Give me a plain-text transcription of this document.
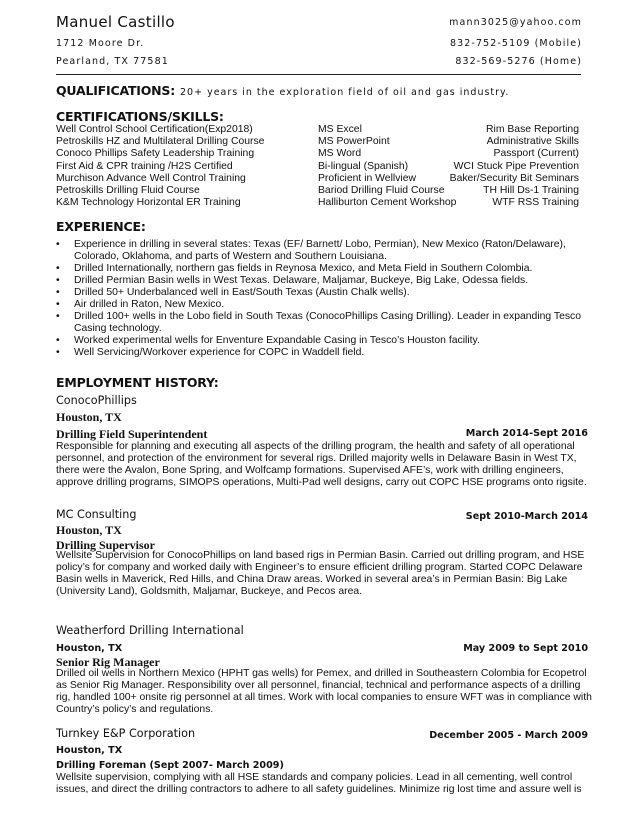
Manuel Castillo	mann3025@yahoo.com
1712 Moore Dr.	832-752-5109 (Mobile)
Pearland, TX 77581	832-569-5276 (Home)
QUALIFICATIONS: 20+ years in the exploration field of oil and gas industry.
CERTIFICATIONS/SKILLS:
Well Control School Certification(Exp2018)	MS Excel	Rim Base Reporting
Petroskills HZ and Multilateral Drilling Course	MS PowerPoint	Administrative Skills
Conoco Phillips Safety Leadership Training	MS Word	Passport (Current)
First Aid & CPR training /H2S Certified	Bi-lingual (Spanish)	WCI Stuck Pipe Prevention
Murchison Advance Well Control Training	Proficient in Wellview	Baker/Security Bit Seminars
Petroskills Drilling Fluid Course	Bariod Drilling Fluid Course	TH Hill Ds-1 Training
K&M Technology Horizontal ER Training	Halliburton Cement Workshop	WTF RSS Training
EXPERIENCE:
• Experience in drilling in several states: Texas (EF/ Barnett/ Lobo, Permian), New Mexico (Raton/Delaware), Colorado, Oklahoma, and parts of Western and Southern Louisiana.
• Drilled Internationally, northern gas fields in Reynosa Mexico, and Meta Field in Southern Colombia.
• Drilled Permian Basin wells in West Texas. Delaware, Maljamar, Buckeye, Big Lake, Odessa fields.
• Drilled 50+ Underbalanced well in East/South Texas (Austin Chalk wells).
• Air drilled in Raton, New Mexico.
• Drilled 100+ wells in the Lobo field in South Texas (ConocoPhillips Casing Drilling). Leader in expanding Tesco Casing technology.
• Worked experimental wells for Enventure Expandable Casing in Tesco’s Houston facility.
• Well Servicing/Workover experience for COPC in Waddell field.
EMPLOYMENT HISTORY:
ConocoPhillips
Houston, TX
Drilling Field Superintendent	March 2014-Sept 2016
Responsible for planning and executing all aspects of the drilling program, the health and safety of all operational personnel, and protection of the environment for several rigs. Drilled majority wells in Delaware Basin in West TX, there were the Avalon, Bone Spring, and Wolfcamp formations. Supervised AFE’s, work with drilling engineers, approve drilling programs, SIMOPS operations, Multi-Pad well designs, carry out COPC HSE programs onto rigsite.
MC Consulting	Sept 2010-March 2014
Houston, TX
Drilling Supervisor
Wellsite Supervision for ConocoPhillips on land based rigs in Permian Basin. Carried out drilling program, and HSE policy’s for company and worked daily with Engineer’s to ensure efficient drilling program. Started COPC Delaware Basin wells in Maverick, Red Hills, and China Draw areas. Worked in several area’s in Permian Basin: Big Lake (University Land), Goldsmith, Maljamar, Buckeye, and Pecos area.
Weatherford Drilling International
Houston, TX	May 2009 to Sept 2010
Senior Rig Manager
Drilled oil wells in Northern Mexico (HPHT gas wells) for Pemex, and drilled in Southeastern Colombia for Ecopetrol as Senior Rig Manager. Responsibility over all personnel, financial, technical and performance aspects of a drilling rig, handled 100+ onsite rig personnel at all times. Work with local companies to ensure WFT was in compliance with Country’s policy’s and regulations.
Turnkey E&P Corporation	December 2005 - March 2009
Houston, TX
Drilling Foreman (Sept 2007- March 2009)
Wellsite supervision, complying with all HSE standards and company policies. Lead in all cementing, well control issues, and direct the drilling contractors to adhere to all safety guidelines. Minimize rig lost time and assure well is
